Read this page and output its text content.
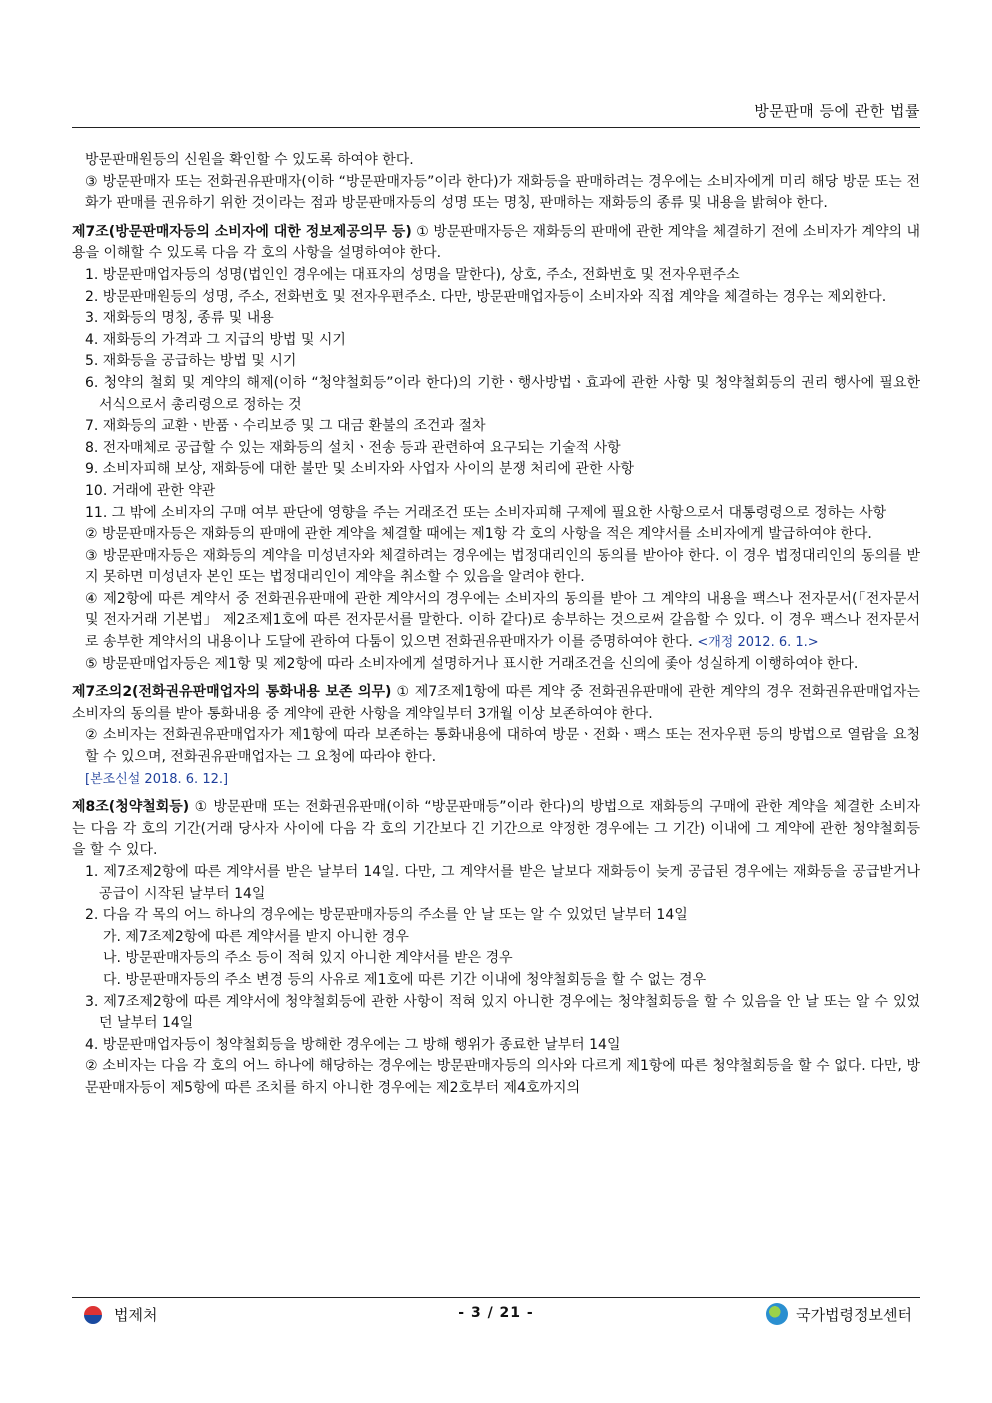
방문판매 등에 관한 법률

방문판매원등의 신원을 확인할 수 있도록 하여야 한다.

③ 방문판매자 또는 전화권유판매자(이하 “방문판매자등”이라 한다)가 재화등을 판매하려는 경우에는 소비자에게 미리 해당 방문 또는 전화가 판매를 권유하기 위한 것이라는 점과 방문판매자등의 성명 또는 명칭, 판매하는 재화등의 종류 및 내용을 밝혀야 한다.

제7조(방문판매자등의 소비자에 대한 정보제공의무 등) ① 방문판매자등은 재화등의 판매에 관한 계약을 체결하기 전에 소비자가 계약의 내용을 이해할 수 있도록 다음 각 호의 사항을 설명하여야 한다.

1. 방문판매업자등의 성명(법인인 경우에는 대표자의 성명을 말한다), 상호, 주소, 전화번호 및 전자우편주소

2. 방문판매원등의 성명, 주소, 전화번호 및 전자우편주소. 다만, 방문판매업자등이 소비자와 직접 계약을 체결하는 경우는 제외한다.

3. 재화등의 명칭, 종류 및 내용

4. 재화등의 가격과 그 지급의 방법 및 시기

5. 재화등을 공급하는 방법 및 시기

6. 청약의 철회 및 계약의 해제(이하 “청약철회등”이라 한다)의 기한ㆍ행사방법ㆍ효과에 관한 사항 및 청약철회등의 권리 행사에 필요한 서식으로서 총리령으로 정하는 것

7. 재화등의 교환ㆍ반품ㆍ수리보증 및 그 대금 환불의 조건과 절차

8. 전자매체로 공급할 수 있는 재화등의 설치ㆍ전송 등과 관련하여 요구되는 기술적 사항

9. 소비자피해 보상, 재화등에 대한 불만 및 소비자와 사업자 사이의 분쟁 처리에 관한 사항

10. 거래에 관한 약관

11. 그 밖에 소비자의 구매 여부 판단에 영향을 주는 거래조건 또는 소비자피해 구제에 필요한 사항으로서 대통령령으로 정하는 사항

② 방문판매자등은 재화등의 판매에 관한 계약을 체결할 때에는 제1항 각 호의 사항을 적은 계약서를 소비자에게 발급하여야 한다.

③ 방문판매자등은 재화등의 계약을 미성년자와 체결하려는 경우에는 법정대리인의 동의를 받아야 한다. 이 경우 법정대리인의 동의를 받지 못하면 미성년자 본인 또는 법정대리인이 계약을 취소할 수 있음을 알려야 한다.

④ 제2항에 따른 계약서 중 전화권유판매에 관한 계약서의 경우에는 소비자의 동의를 받아 그 계약의 내용을 팩스나 전자문서(「전자문서 및 전자거래 기본법」 제2조제1호에 따른 전자문서를 말한다. 이하 같다)로 송부하는 것으로써 갈음할 수 있다. 이 경우 팩스나 전자문서로 송부한 계약서의 내용이나 도달에 관하여 다툼이 있으면 전화권유판매자가 이를 증명하여야 한다. <개정 2012. 6. 1.>

⑤ 방문판매업자등은 제1항 및 제2항에 따라 소비자에게 설명하거나 표시한 거래조건을 신의에 좇아 성실하게 이행하여야 한다.

제7조의2(전화권유판매업자의 통화내용 보존 의무) ① 제7조제1항에 따른 계약 중 전화권유판매에 관한 계약의 경우 전화권유판매업자는 소비자의 동의를 받아 통화내용 중 계약에 관한 사항을 계약일부터 3개월 이상 보존하여야 한다.

② 소비자는 전화권유판매업자가 제1항에 따라 보존하는 통화내용에 대하여 방문ㆍ전화ㆍ팩스 또는 전자우편 등의 방법으로 열람을 요청할 수 있으며, 전화권유판매업자는 그 요청에 따라야 한다.

[본조신설 2018. 6. 12.]

제8조(청약철회등) ① 방문판매 또는 전화권유판매(이하 “방문판매등”이라 한다)의 방법으로 재화등의 구매에 관한 계약을 체결한 소비자는 다음 각 호의 기간(거래 당사자 사이에 다음 각 호의 기간보다 긴 기간으로 약정한 경우에는 그 기간) 이내에 그 계약에 관한 청약철회등을 할 수 있다.

1. 제7조제2항에 따른 계약서를 받은 날부터 14일. 다만, 그 계약서를 받은 날보다 재화등이 늦게 공급된 경우에는 재화등을 공급받거나 공급이 시작된 날부터 14일

2. 다음 각 목의 어느 하나의 경우에는 방문판매자등의 주소를 안 날 또는 알 수 있었던 날부터 14일

가. 제7조제2항에 따른 계약서를 받지 아니한 경우

나. 방문판매자등의 주소 등이 적혀 있지 아니한 계약서를 받은 경우

다. 방문판매자등의 주소 변경 등의 사유로 제1호에 따른 기간 이내에 청약철회등을 할 수 없는 경우

3. 제7조제2항에 따른 계약서에 청약철회등에 관한 사항이 적혀 있지 아니한 경우에는 청약철회등을 할 수 있음을 안 날 또는 알 수 있었던 날부터 14일

4. 방문판매업자등이 청약철회등을 방해한 경우에는 그 방해 행위가 종료한 날부터 14일

② 소비자는 다음 각 호의 어느 하나에 해당하는 경우에는 방문판매자등의 의사와 다르게 제1항에 따른 청약철회등을 할 수 없다. 다만, 방문판매자등이 제5항에 따른 조치를 하지 아니한 경우에는 제2호부터 제4호까지의

법제처	- 3 / 21 -	국가법령정보센터
